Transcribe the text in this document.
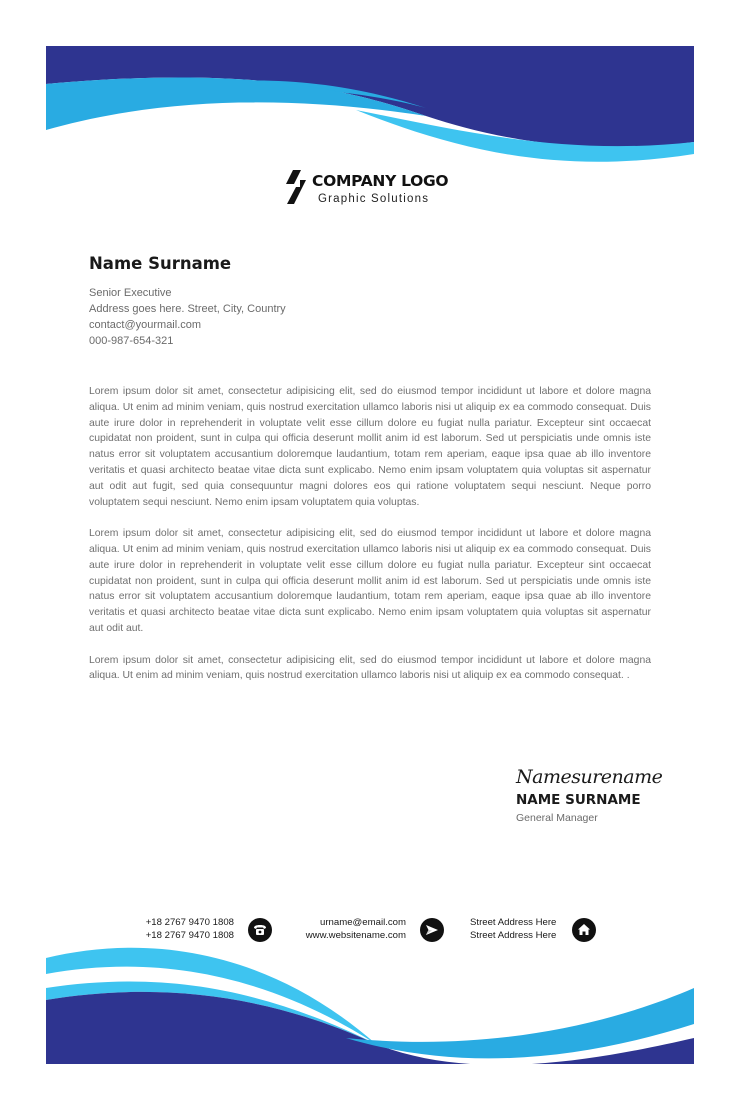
COMPANY LOGO
Graphic Solutions
Name Surname
Senior Executive
Address goes here. Street, City, Country
contact@yourmail.com
000-987-654-321

Lorem ipsum dolor sit amet, consectetur adipisicing elit, sed do eiusmod tempor incididunt ut labore et dolore magna aliqua. Ut enim ad minim veniam, quis nostrud exercitation ullamco laboris nisi ut aliquip ex ea commodo consequat. Duis aute irure dolor in reprehenderit in voluptate velit esse cillum dolore eu fugiat nulla pariatur. Excepteur sint occaecat cupidatat non proident, sunt in culpa qui officia deserunt mollit anim id est laborum. Sed ut perspiciatis unde omnis iste natus error sit voluptatem accusantium doloremque laudantium, totam rem aperiam, eaque ipsa quae ab illo inventore veritatis et quasi architecto beatae vitae dicta sunt explicabo. Nemo enim ipsam voluptatem quia voluptas sit aspernatur aut odit aut fugit, sed quia consequuntur magni dolores eos qui ratione voluptatem sequi nesciunt. Neque porro voluptatem sequi nesciunt. Nemo enim ipsam voluptatem quia voluptas.

Lorem ipsum dolor sit amet, consectetur adipisicing elit, sed do eiusmod tempor incididunt ut labore et dolore magna aliqua. Ut enim ad minim veniam, quis nostrud exercitation ullamco laboris nisi ut aliquip ex ea commodo consequat. Duis aute irure dolor in reprehenderit in voluptate velit esse cillum dolore eu fugiat nulla pariatur. Excepteur sint occaecat cupidatat non proident, sunt in culpa qui officia deserunt mollit anim id est laborum. Sed ut perspiciatis unde omnis iste natus error sit voluptatem accusantium doloremque laudantium, totam rem aperiam, eaque ipsa quae ab illo inventore veritatis et quasi architecto beatae vitae dicta sunt explicabo. Nemo enim ipsam voluptatem quia voluptas sit aspernatur aut odit aut.

Lorem ipsum dolor sit amet, consectetur adipisicing elit, sed do eiusmod tempor incididunt ut labore et dolore magna aliqua. Ut enim ad minim veniam, quis nostrud exercitation ullamco laboris nisi ut aliquip ex ea commodo consequat. .

Namesurename
NAME SURNAME
General Manager
+18 2767 9470 1808
+18 2767 9470 1808
urname@email.com
www.websitename.com
Street Address Here
Street Address Here
